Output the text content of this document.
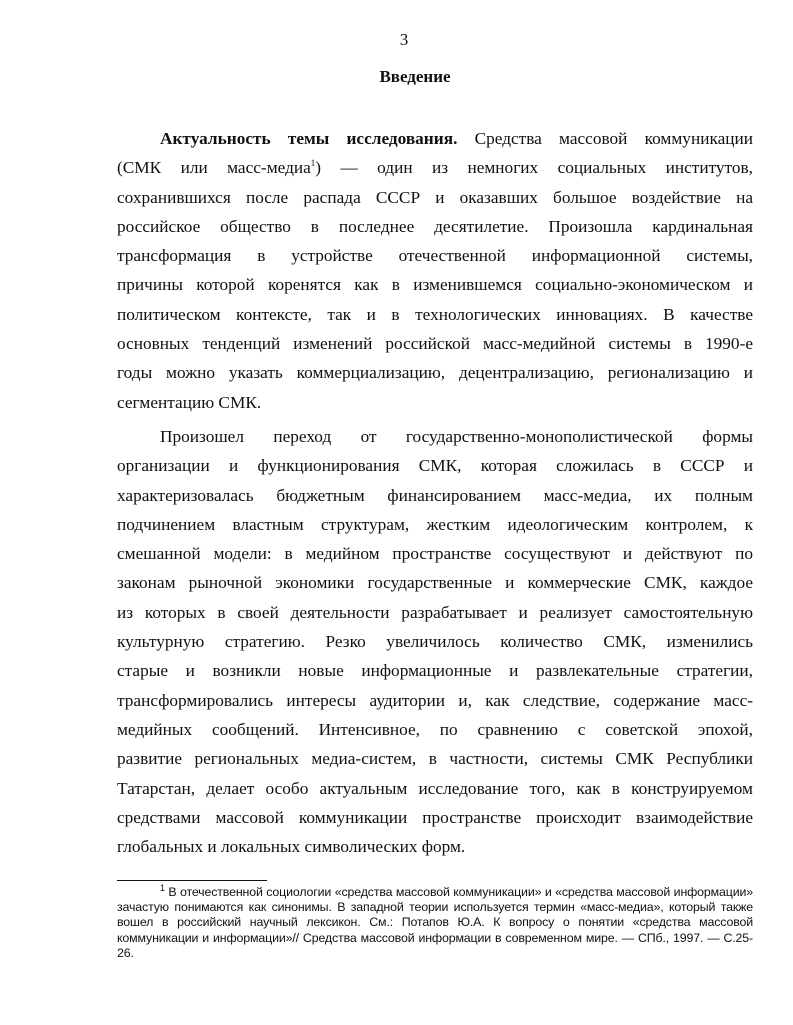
3
Введение
Актуальность темы исследования. Средства массовой коммуникации
(СМК или масс-медиа$^1$) — один из немногих социальных институтов,
сохранившихся после распада СССР и оказавших большое воздействие на
российское общество в последнее десятилетие. Произошла кардинальная
трансформация в устройстве отечественной информационной системы,
причины которой коренятся как в изменившемся социально-экономическом и
политическом контексте, так и в технологических инновациях. В качестве
основных тенденций изменений российской масс-медийной системы в 1990-е
годы можно указать коммерциализацию, децентрализацию, регионализацию и
сегментацию СМК.
Произошел переход от государственно-монополистической формы
организации и функционирования СМК, которая сложилась в СССР и
характеризовалась бюджетным финансированием масс-медиа, их полным
подчинением властным структурам, жестким идеологическим контролем, к
смешанной модели: в медийном пространстве сосуществуют и действуют по
законам рыночной экономики государственные и коммерческие СМК, каждое
из которых в своей деятельности разрабатывает и реализует самостоятельную
культурную стратегию. Резко увеличилось количество СМК, изменились
старые и возникли новые информационные и развлекательные стратегии,
трансформировались интересы аудитории и, как следствие, содержание масс-
медийных сообщений. Интенсивное, по сравнению с советской эпохой,
развитие региональных медиа-систем, в частности, системы СМК Республики
Татарстан, делает особо актуальным исследование того, как в конструируемом
средствами массовой коммуникации пространстве происходит взаимодействие
глобальных и локальных символических форм.
$^1$ В отечественной социологии «средства массовой коммуникации» и «средства массовой информации»
зачастую понимаются как синонимы. В западной теории используется термин «масс-медиа», который также
вошел в российский научный лексикон. См.: Потапов Ю.А. К вопросу о понятии «средства массовой
коммуникации и информации»// Средства массовой информации в современном мире. — СПб., 1997. — С.25-
26.
